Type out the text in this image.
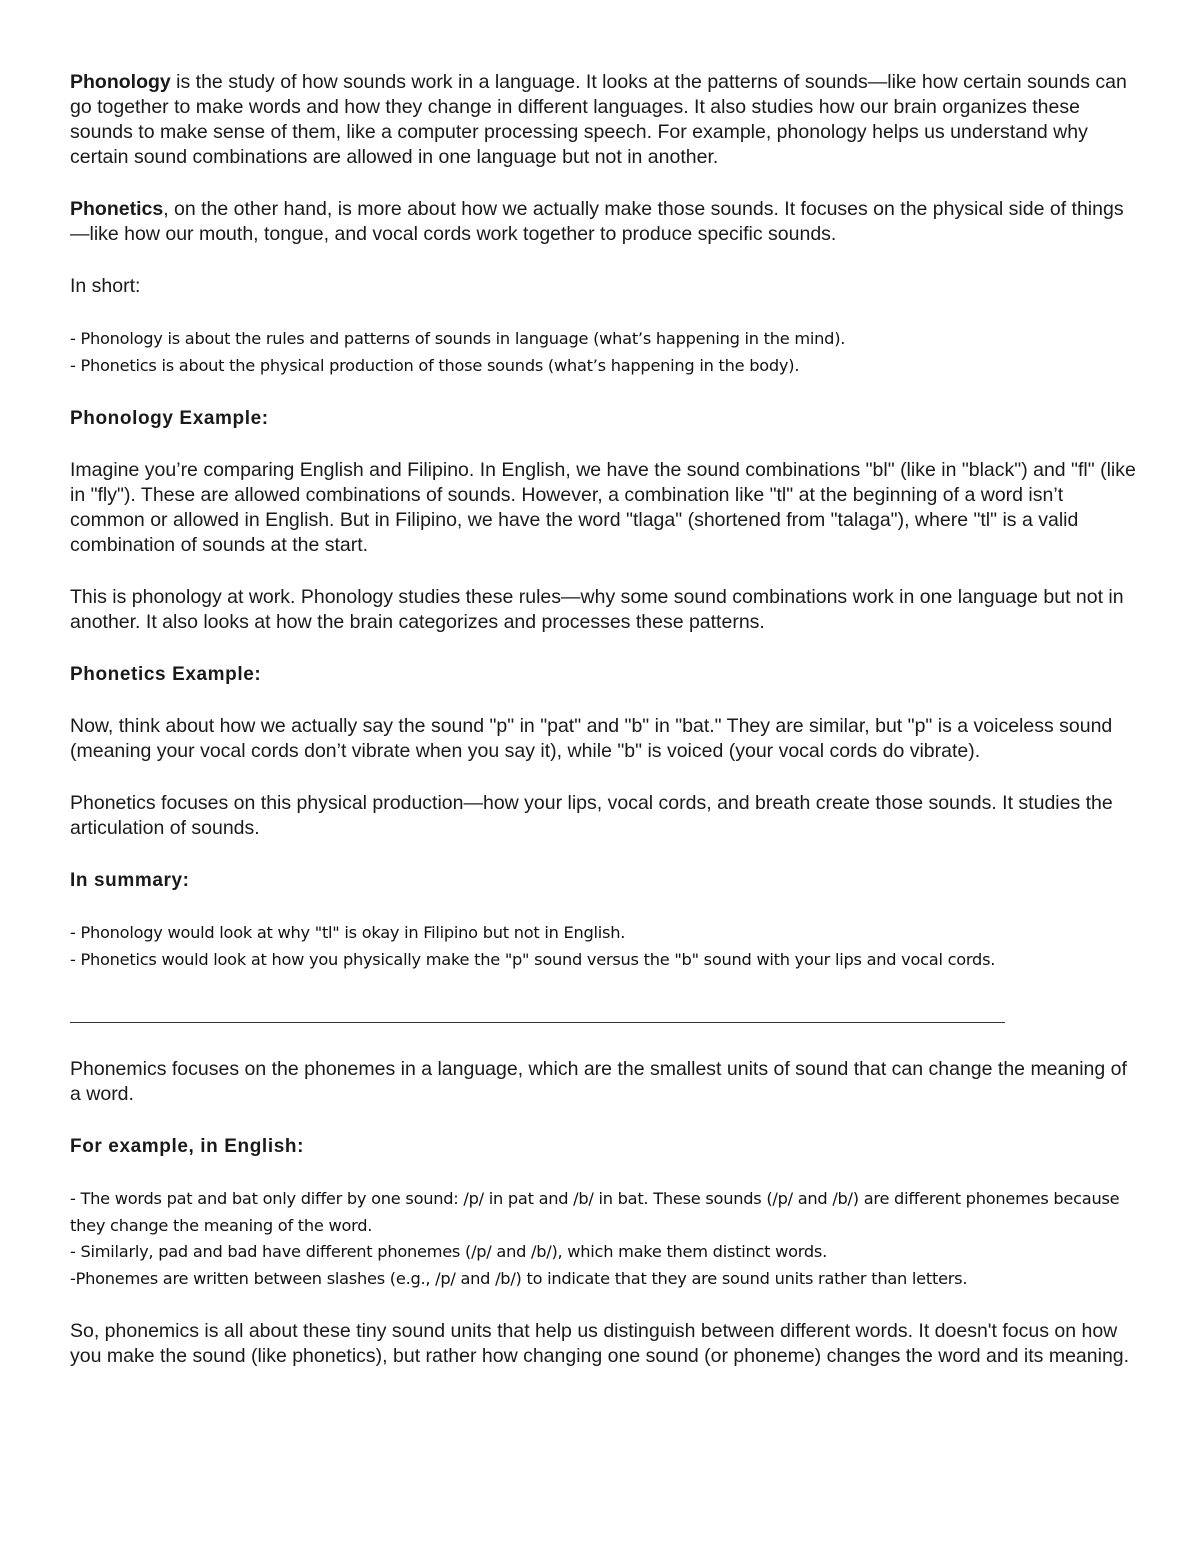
Phonology is the study of how sounds work in a language. It looks at the patterns of sounds—like how certain sounds can go together to make words and how they change in different languages. It also studies how our brain organizes these sounds to make sense of them, like a computer processing speech. For example, phonology helps us understand why certain sound combinations are allowed in one language but not in another.

Phonetics, on the other hand, is more about how we actually make those sounds. It focuses on the physical side of things—like how our mouth, tongue, and vocal cords work together to produce specific sounds.

In short:

- Phonology is about the rules and patterns of sounds in language (what’s happening in the mind).
- Phonetics is about the physical production of those sounds (what’s happening in the body).

Phonology Example:

Imagine you’re comparing English and Filipino. In English, we have the sound combinations "bl" (like in "black") and "fl" (like in "fly"). These are allowed combinations of sounds. However, a combination like "tl" at the beginning of a word isn’t common or allowed in English. But in Filipino, we have the word "tlaga" (shortened from "talaga"), where "tl" is a valid combination of sounds at the start.

This is phonology at work. Phonology studies these rules—why some sound combinations work in one language but not in another. It also looks at how the brain categorizes and processes these patterns.

Phonetics Example:

Now, think about how we actually say the sound "p" in "pat" and "b" in "bat." They are similar, but "p" is a voiceless sound (meaning your vocal cords don’t vibrate when you say it), while "b" is voiced (your vocal cords do vibrate).

Phonetics focuses on this physical production—how your lips, vocal cords, and breath create those sounds. It studies the articulation of sounds.

In summary:

- Phonology would look at why "tl" is okay in Filipino but not in English.
- Phonetics would look at how you physically make the "p" sound versus the "b" sound with your lips and vocal cords.

Phonemics focuses on the phonemes in a language, which are the smallest units of sound that can change the meaning of a word.

For example, in English:

- The words pat and bat only differ by one sound: /p/ in pat and /b/ in bat. These sounds (/p/ and /b/) are different phonemes because they change the meaning of the word.
- Similarly, pad and bad have different phonemes (/p/ and /b/), which make them distinct words.
-Phonemes are written between slashes (e.g., /p/ and /b/) to indicate that they are sound units rather than letters.

So, phonemics is all about these tiny sound units that help us distinguish between different words. It doesn't focus on how you make the sound (like phonetics), but rather how changing one sound (or phoneme) changes the word and its meaning.
